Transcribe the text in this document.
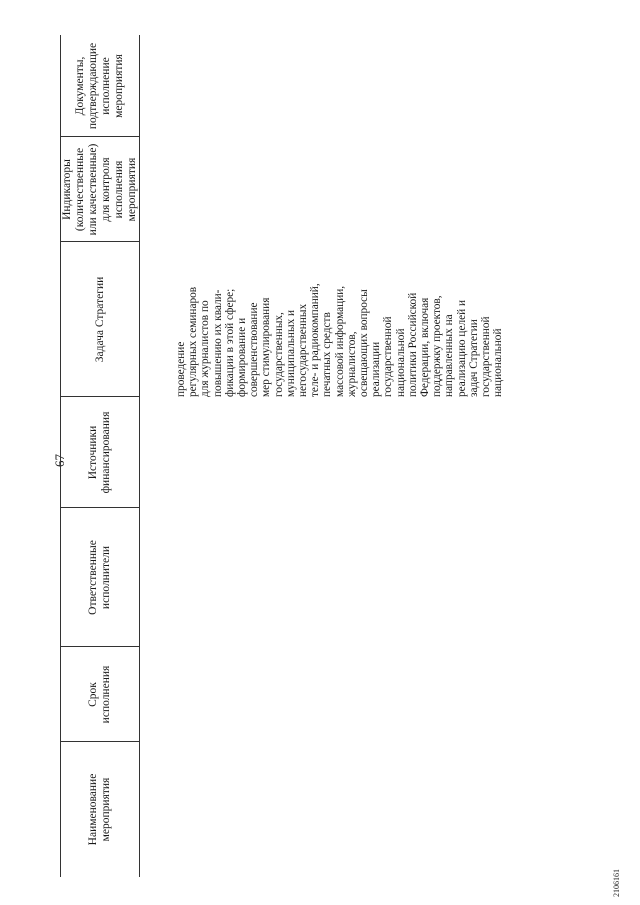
67
2106161
Наименование мероприятия
Срок исполнения
Ответственные исполнители
Источники финансирования
Задача Стратегии
Индикаторы (количественные или качественные) для контроля исполнения мероприятия
Документы, подтверждающие исполнение мероприятия
проведение регулярных семинаров для журналистов по повышению их квали- фикации в этой сфере; формирование и совершенствование мер стимулирования государственных, муниципальных и негосударственных теле- и радиокомпаний, печатных средств массовой информации, журналистов, освещающих вопросы реализации государственной национальной политики Российской Федерации, включая поддержку проектов, направленных на реализацию целей и задач Стратегии государственной национальной
